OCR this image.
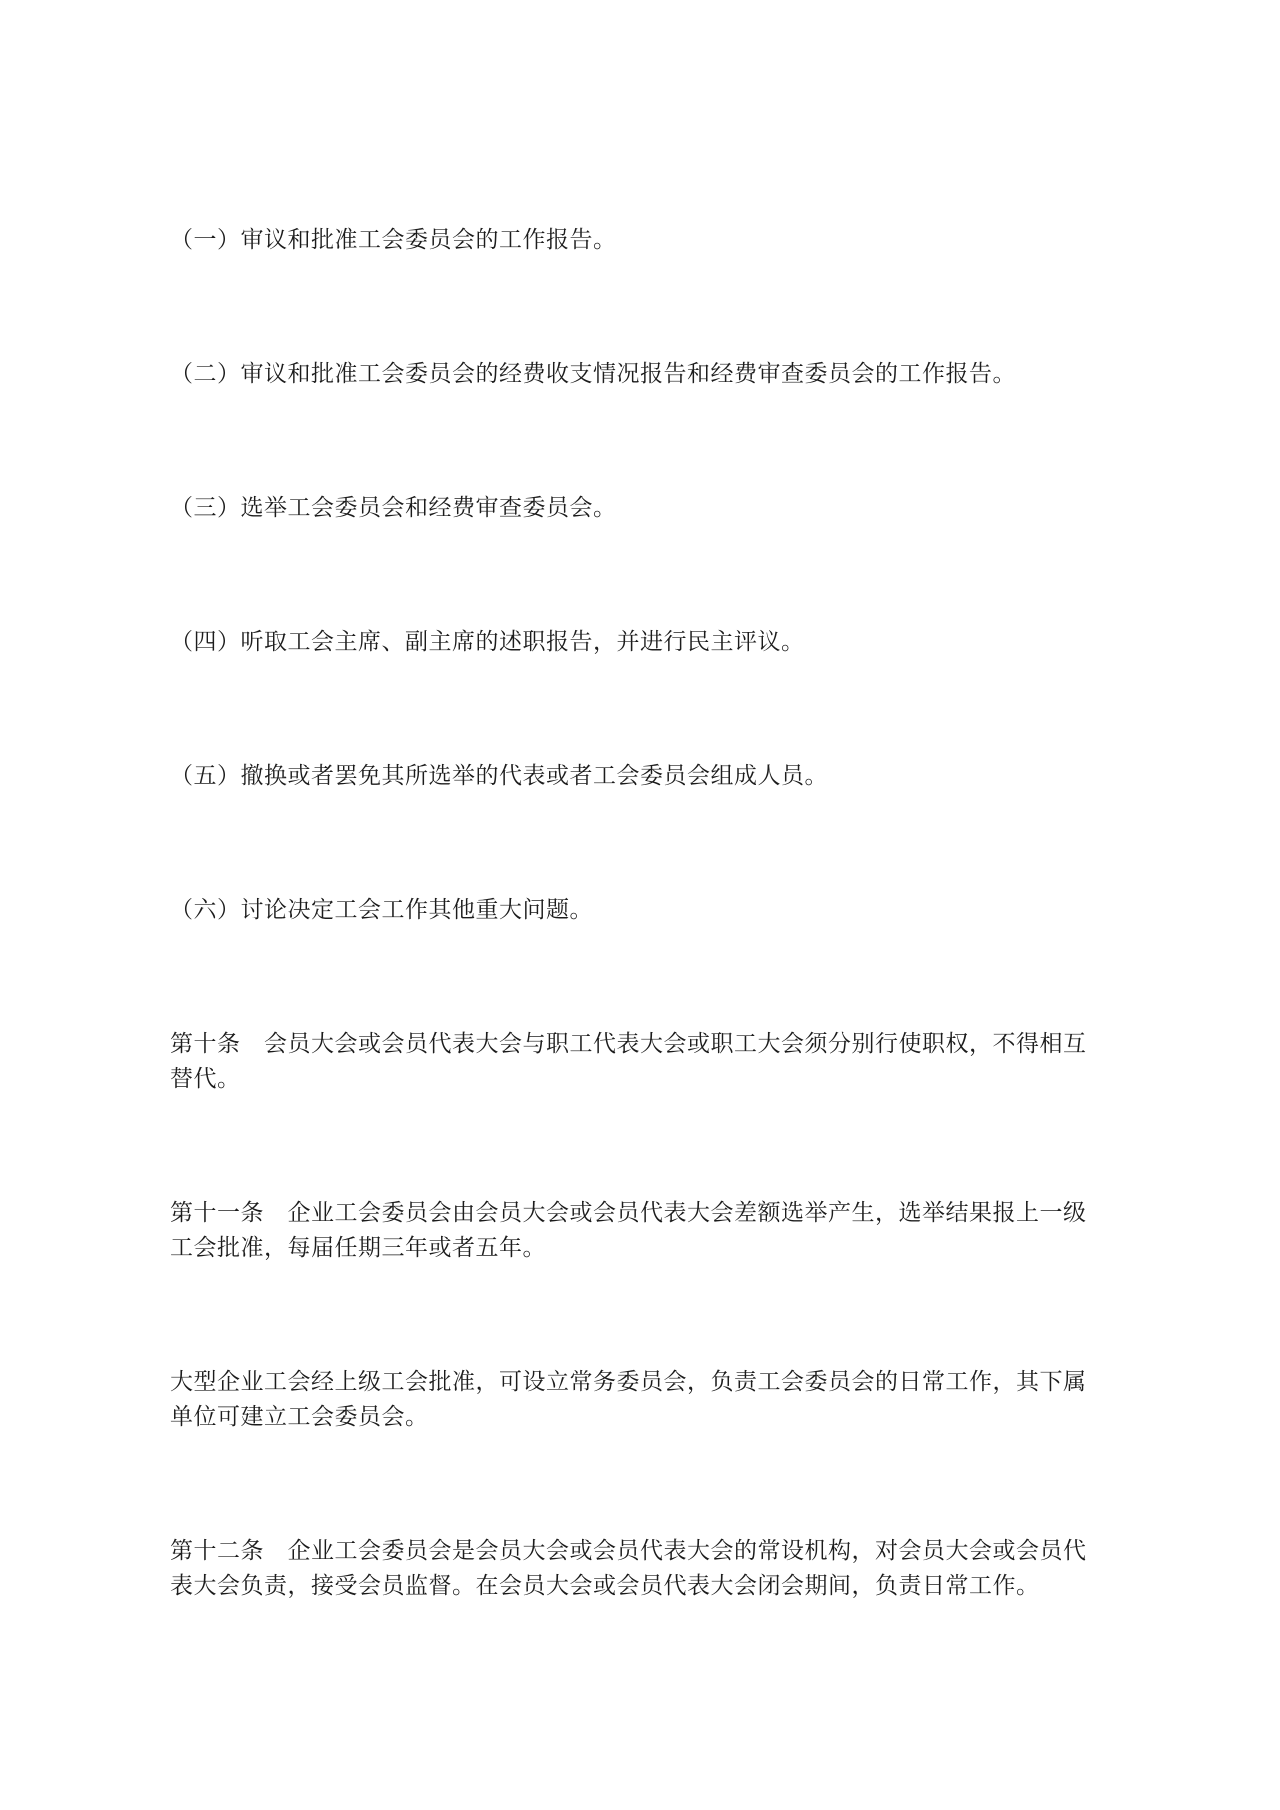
（一）审议和批准工会委员会的工作报告。

（二）审议和批准工会委员会的经费收支情况报告和经费审查委员会的工作报告。

（三）选举工会委员会和经费审查委员会。

（四）听取工会主席、副主席的述职报告，并进行民主评议。

（五）撤换或者罢免其所选举的代表或者工会委员会组成人员。

（六）讨论决定工会工作其他重大问题。

第十条　会员大会或会员代表大会与职工代表大会或职工大会须分别行使职权，不得相互替代。

第十一条　企业工会委员会由会员大会或会员代表大会差额选举产生，选举结果报上一级工会批准，每届任期三年或者五年。

大型企业工会经上级工会批准，可设立常务委员会，负责工会委员会的日常工作，其下属单位可建立工会委员会。

第十二条　企业工会委员会是会员大会或会员代表大会的常设机构，对会员大会或会员代表大会负责，接受会员监督。在会员大会或会员代表大会闭会期间，负责日常工作。
